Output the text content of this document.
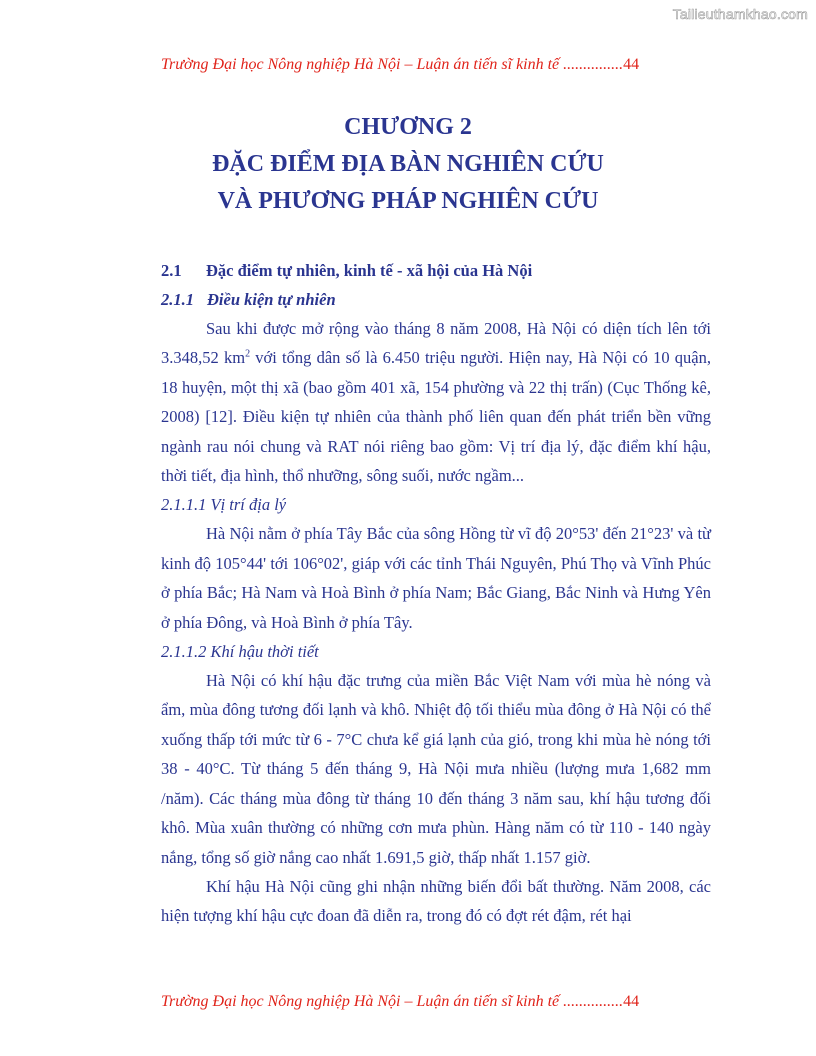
Tailieuthamkhao.com
Trường Đại học Nông nghiệp Hà Nội – Luận án tiến sĩ kinh tế ...............44
CHƯƠNG 2
ĐẶC ĐIỂM ĐỊA BÀN NGHIÊN CỨU
VÀ PHƯƠNG PHÁP NGHIÊN CỨU
2.1	Đặc điểm tự nhiên, kinh tế - xã hội của Hà Nội
2.1.1 Điều kiện tự nhiên

Sau khi được mở rộng vào tháng 8 năm 2008, Hà Nội có diện tích lên tới 3.348,52 $km^2$ với tổng dân số là 6.450 triệu người. Hiện nay, Hà Nội có 10 quận, 18 huyện, một thị xã (bao gồm 401 xã, 154 phường và 22 thị trấn) (Cục Thống kê, 2008) [12]. Điều kiện tự nhiên của thành phố liên quan đến phát triển bền vững ngành rau nói chung và RAT nói riêng bao gồm: Vị trí địa lý, đặc điểm khí hậu, thời tiết, địa hình, thổ nhưỡng, sông suối, nước ngầm...

2.1.1.1 Vị trí địa lý

Hà Nội nằm ở phía Tây Bắc của sông Hồng từ vĩ độ 20°53' đến 21°23' và từ kinh độ 105°44' tới 106°02', giáp với các tỉnh Thái Nguyên, Phú Thọ và Vĩnh Phúc ở phía Bắc; Hà Nam và Hoà Bình ở phía Nam; Bắc Giang, Bắc Ninh và Hưng Yên ở phía Đông, và Hoà Bình ở phía Tây.

2.1.1.2 Khí hậu thời tiết

Hà Nội có khí hậu đặc trưng của miền Bắc Việt Nam với mùa hè nóng và ẩm, mùa đông tương đối lạnh và khô. Nhiệt độ tối thiểu mùa đông ở Hà Nội có thể xuống thấp tới mức từ 6 - 7°C chưa kể giá lạnh của gió, trong khi mùa hè nóng tới 38 - 40°C. Từ tháng 5 đến tháng 9, Hà Nội mưa nhiều (lượng mưa 1,682 mm /năm). Các tháng mùa đông từ tháng 10 đến tháng 3 năm sau, khí hậu tương đối khô. Mùa xuân thường có những cơn mưa phùn. Hàng năm có từ 110 - 140 ngày nắng, tổng số giờ nắng cao nhất 1.691,5 giờ, thấp nhất 1.157 giờ.

Khí hậu Hà Nội cũng ghi nhận những biến đổi bất thường. Năm 2008, các hiện tượng khí hậu cực đoan đã diễn ra, trong đó có đợt rét đậm, rét hại

Trường Đại học Nông nghiệp Hà Nội – Luận án tiến sĩ kinh tế ...............44
